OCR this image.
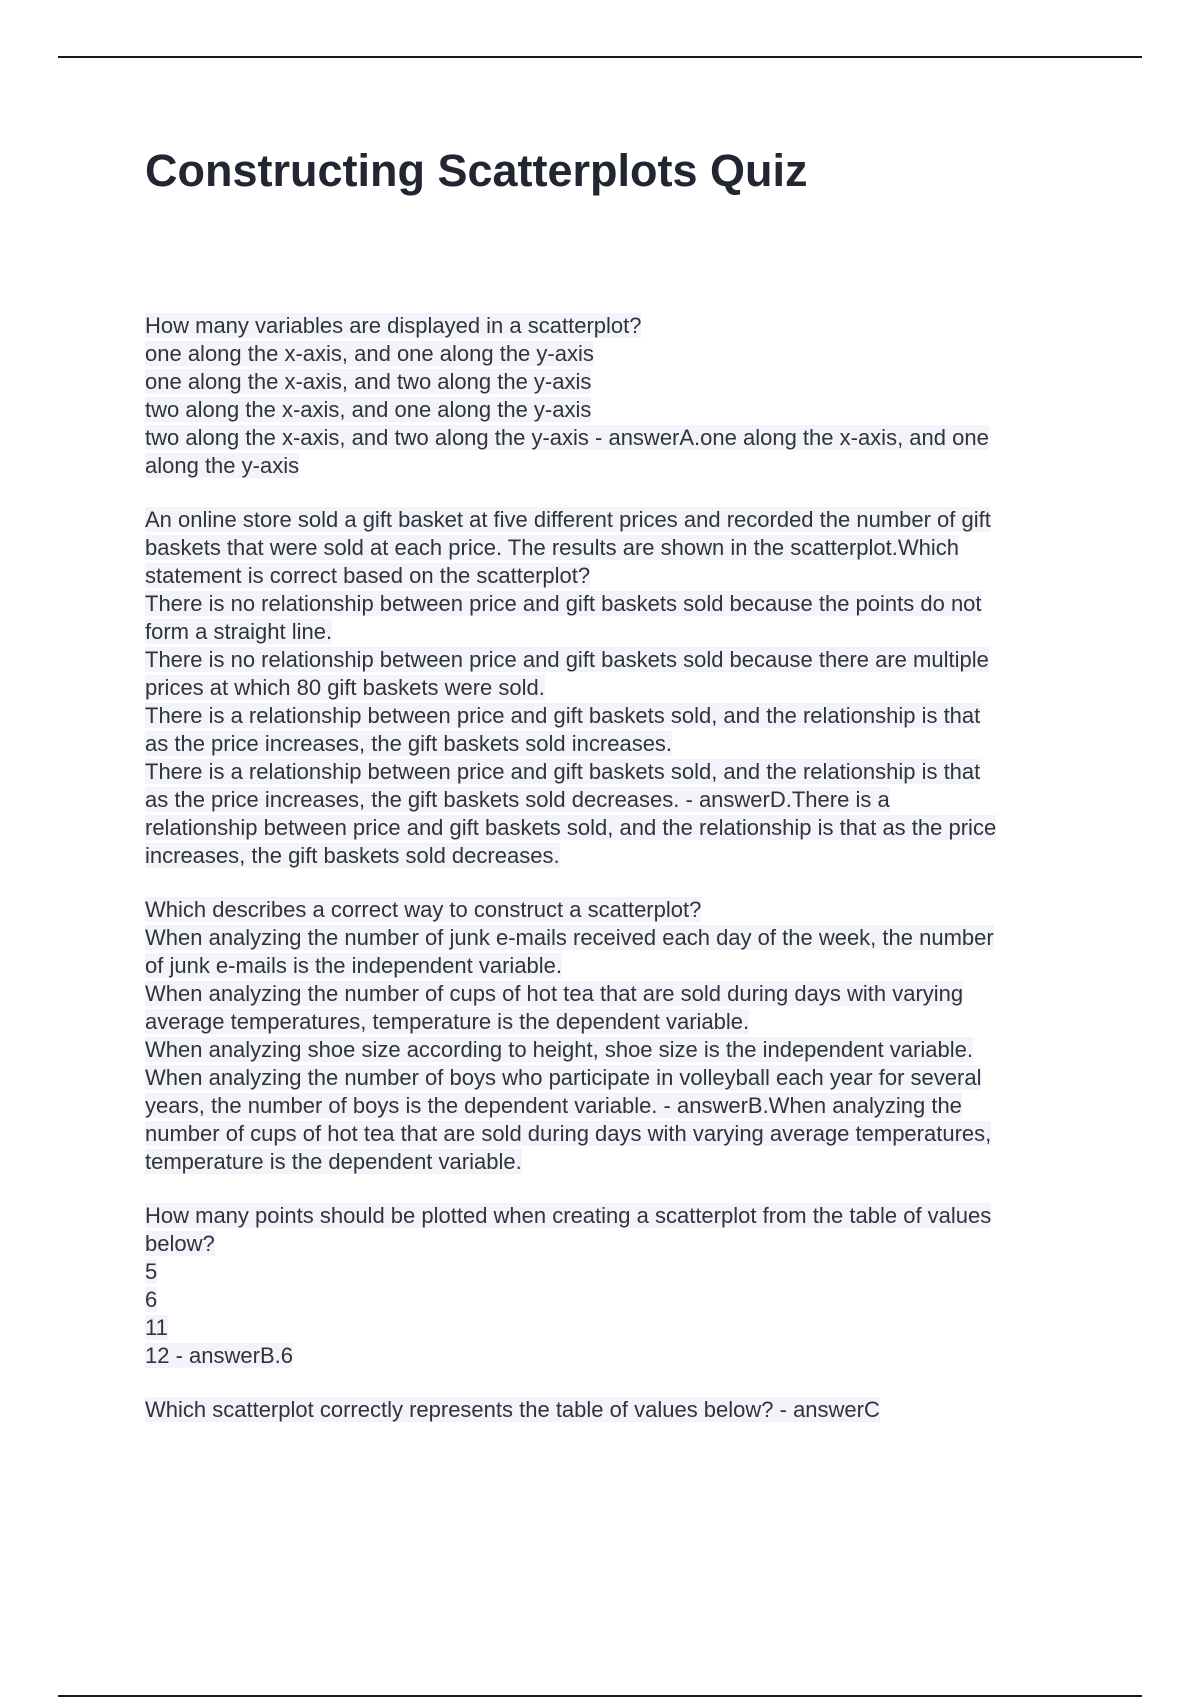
Constructing Scatterplots Quiz
How many variables are displayed in a scatterplot?
one along the x-axis, and one along the y-axis
one along the x-axis, and two along the y-axis
two along the x-axis, and one along the y-axis
two along the x-axis, and two along the y-axis - answerA.one along the x-axis, and one
along the y-axis
An online store sold a gift basket at five different prices and recorded the number of gift
baskets that were sold at each price. The results are shown in the scatterplot.Which
statement is correct based on the scatterplot?
There is no relationship between price and gift baskets sold because the points do not
form a straight line.
There is no relationship between price and gift baskets sold because there are multiple
prices at which 80 gift baskets were sold.
There is a relationship between price and gift baskets sold, and the relationship is that
as the price increases, the gift baskets sold increases.
There is a relationship between price and gift baskets sold, and the relationship is that
as the price increases, the gift baskets sold decreases. - answerD.There is a
relationship between price and gift baskets sold, and the relationship is that as the price
increases, the gift baskets sold decreases.
Which describes a correct way to construct a scatterplot?
When analyzing the number of junk e-mails received each day of the week, the number
of junk e-mails is the independent variable.
When analyzing the number of cups of hot tea that are sold during days with varying
average temperatures, temperature is the dependent variable.
When analyzing shoe size according to height, shoe size is the independent variable.
When analyzing the number of boys who participate in volleyball each year for several
years, the number of boys is the dependent variable. - answerB.When analyzing the
number of cups of hot tea that are sold during days with varying average temperatures,
temperature is the dependent variable.
How many points should be plotted when creating a scatterplot from the table of values
below?
5
6
11
12 - answerB.6
Which scatterplot correctly represents the table of values below? - answerC
